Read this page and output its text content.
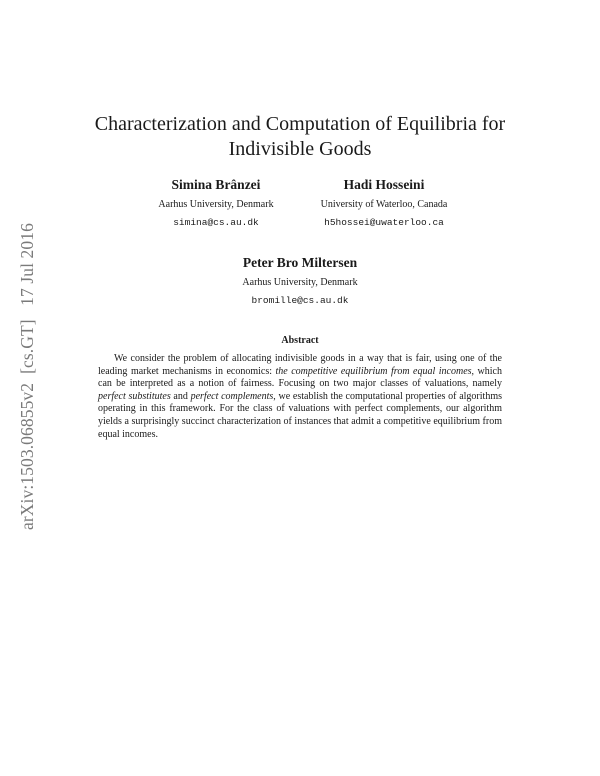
arXiv:1503.06855v2  [cs.GT]   17 Jul 2016
Characterization and Computation of Equilibria for Indivisible Goods
Simina Brânzei
Aarhus University, Denmark
simina@cs.au.dk
Hadi Hosseini
University of Waterloo, Canada
h5hossei@uwaterloo.ca
Peter Bro Miltersen
Aarhus University, Denmark
bromille@cs.au.dk
Abstract

We consider the problem of allocating indivisible goods in a way that is fair, using one of the leading market mechanisms in economics: the competitive equilibrium from equal incomes, which can be interpreted as a notion of fairness. Focusing on two major classes of valuations, namely perfect substitutes and perfect complements, we establish the computational properties of algorithms operating in this framework. For the class of valuations with perfect complements, our algorithm yields a surprisingly succinct characterization of instances that admit a competitive equilibrium from equal incomes.
